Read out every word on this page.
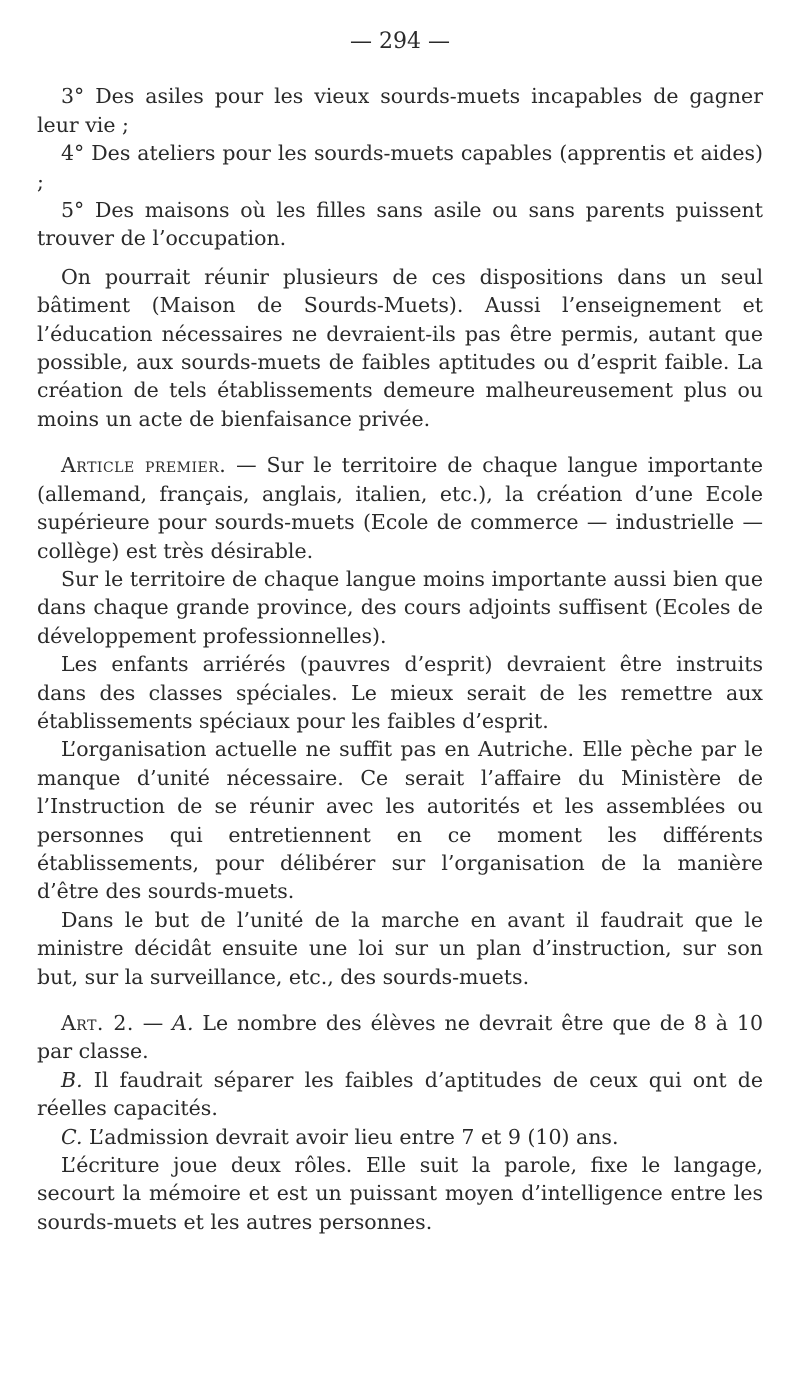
— 294 —

3° Des asiles pour les vieux sourds-muets incapables de gagner leur vie ;

4° Des ateliers pour les sourds-muets capables (apprentis et aides) ;

5° Des maisons où les filles sans asile ou sans parents puissent trouver de l’occupation.

On pourrait réunir plusieurs de ces dispositions dans un seul bâtiment (Maison de Sourds-Muets). Aussi l’enseignement et l’éducation nécessaires ne devraient-ils pas être permis, autant que possible, aux sourds-muets de faibles aptitudes ou d’esprit faible. La création de tels établissements demeure malheureusement plus ou moins un acte de bienfaisance privée.

Article premier. — Sur le territoire de chaque langue importante (allemand, français, anglais, italien, etc.), la création d’une Ecole supérieure pour sourds-muets (Ecole de commerce — industrielle — collège) est très désirable.

Sur le territoire de chaque langue moins importante aussi bien que dans chaque grande province, des cours adjoints suffisent (Ecoles de développement professionnelles).

Les enfants arriérés (pauvres d’esprit) devraient être instruits dans des classes spéciales. Le mieux serait de les remettre aux établissements spéciaux pour les faibles d’esprit.

L’organisation actuelle ne suffit pas en Autriche. Elle pèche par le manque d’unité nécessaire. Ce serait l’affaire du Ministère de l’Instruction de se réunir avec les autorités et les assemblées ou personnes qui entretiennent en ce moment les différents établissements, pour délibérer sur l’organisation de la manière d’être des sourds-muets.

Dans le but de l’unité de la marche en avant il faudrait que le ministre décidât ensuite une loi sur un plan d’instruction, sur son but, sur la surveillance, etc., des sourds-muets.

Art. 2. — A. Le nombre des élèves ne devrait être que de 8 à 10 par classe.

B. Il faudrait séparer les faibles d’aptitudes de ceux qui ont de réelles capacités.

C. L’admission devrait avoir lieu entre 7 et 9 (10) ans.

L’écriture joue deux rôles. Elle suit la parole, fixe le langage, secourt la mémoire et est un puissant moyen d’intelligence entre les sourds-muets et les autres personnes.
